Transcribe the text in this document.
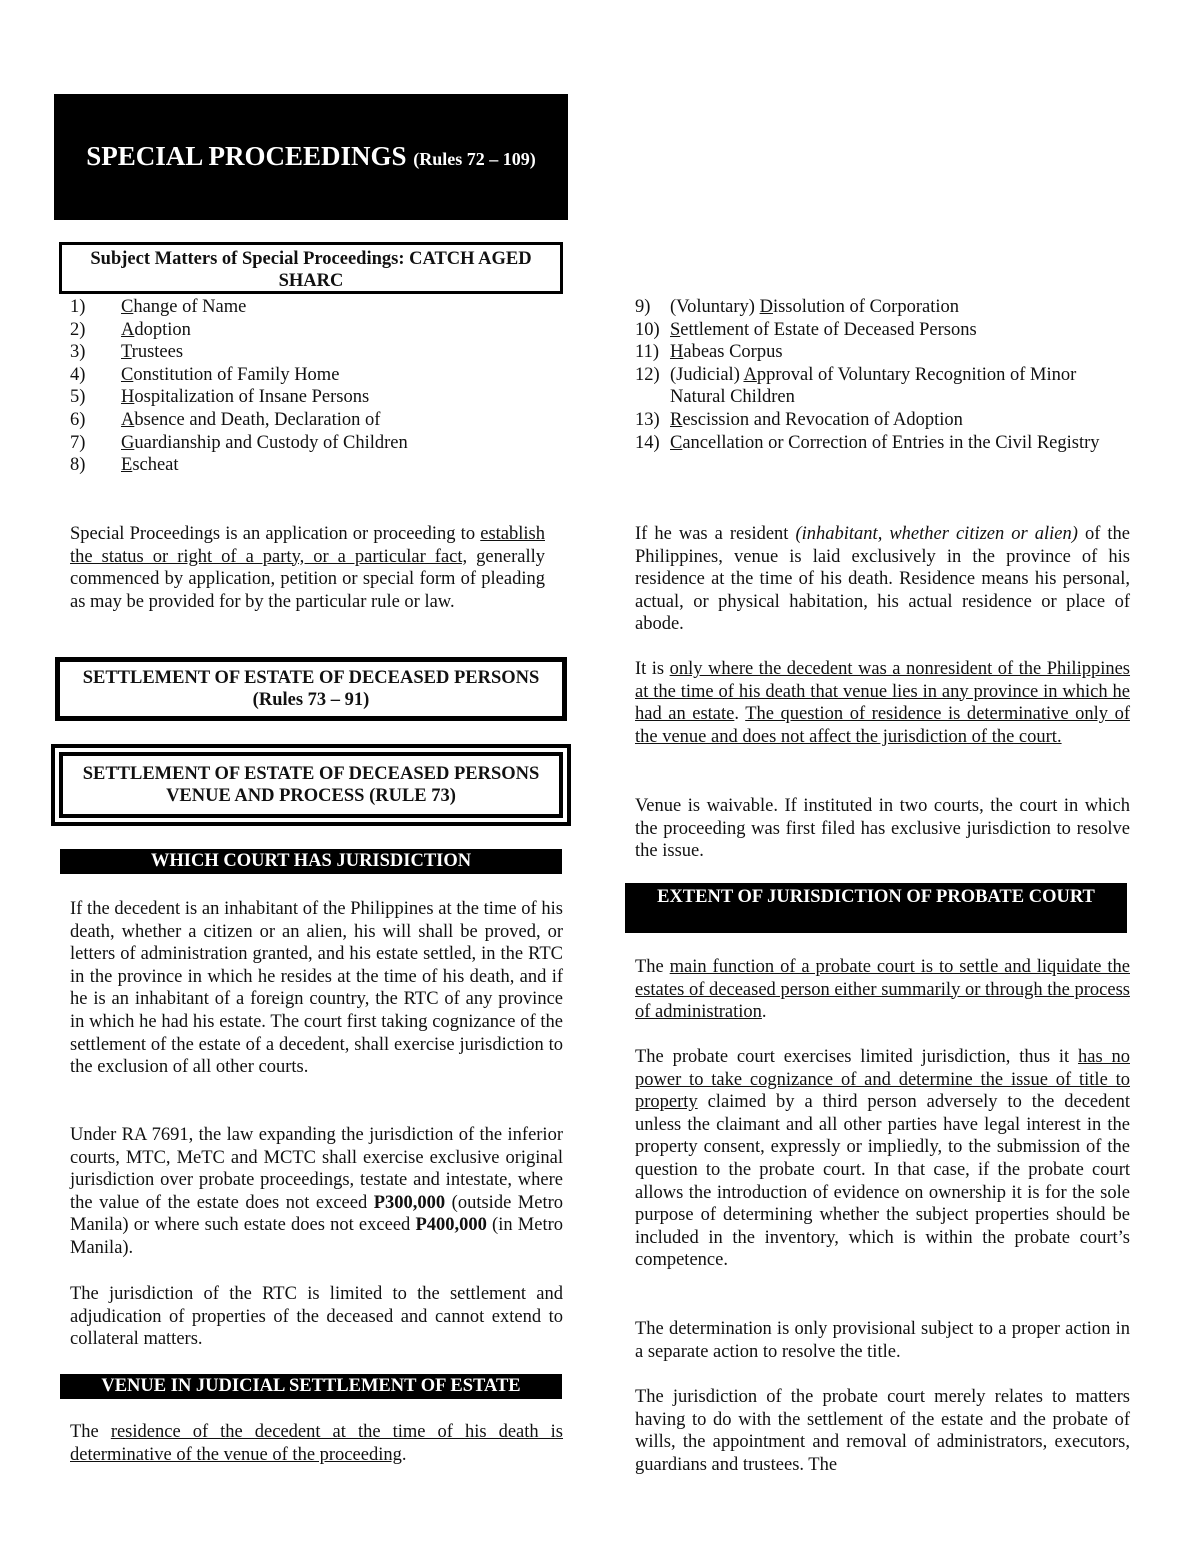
SPECIAL PROCEEDINGS (Rules 72 – 109)
Subject Matters of Special Proceedings: CATCH AGED SHARC
1) Change of Name
2) Adoption
3) Trustees
4) Constitution of Family Home
5) Hospitalization of Insane Persons
6) Absence and Death, Declaration of
7) Guardianship and Custody of Children
8) Escheat
9) (Voluntary) Dissolution of Corporation
10) Settlement of Estate of Deceased Persons
11) Habeas Corpus
12) (Judicial) Approval of Voluntary Recognition of Minor Natural Children
13) Rescission and Revocation of Adoption
14) Cancellation or Correction of Entries in the Civil Registry

Special Proceedings is an application or proceeding to establish the status or right of a party, or a particular fact, generally commenced by application, petition or special form of pleading as may be provided for by the particular rule or law.

SETTLEMENT OF ESTATE OF DECEASED PERSONS (Rules 73 – 91)
SETTLEMENT OF ESTATE OF DECEASED PERSONS VENUE AND PROCESS (RULE 73)
WHICH COURT HAS JURISDICTION

If the decedent is an inhabitant of the Philippines at the time of his death, whether a citizen or an alien, his will shall be proved, or letters of administration granted, and his estate settled, in the RTC in the province in which he resides at the time of his death, and if he is an inhabitant of a foreign country, the RTC of any province in which he had his estate. The court first taking cognizance of the settlement of the estate of a decedent, shall exercise jurisdiction to the exclusion of all other courts.

Under RA 7691, the law expanding the jurisdiction of the inferior courts, MTC, MeTC and MCTC shall exercise exclusive original jurisdiction over probate proceedings, testate and intestate, where the value of the estate does not exceed P300,000 (outside Metro Manila) or where such estate does not exceed P400,000 (in Metro Manila).

The jurisdiction of the RTC is limited to the settlement and adjudication of properties of the deceased and cannot extend to collateral matters.

VENUE IN JUDICIAL SETTLEMENT OF ESTATE

The residence of the decedent at the time of his death is determinative of the venue of the proceeding.

If he was a resident (inhabitant, whether citizen or alien) of the Philippines, venue is laid exclusively in the province of his residence at the time of his death. Residence means his personal, actual, or physical habitation, his actual residence or place of abode.

It is only where the decedent was a nonresident of the Philippines at the time of his death that venue lies in any province in which he had an estate. The question of residence is determinative only of the venue and does not affect the jurisdiction of the court.

Venue is waivable. If instituted in two courts, the court in which the proceeding was first filed has exclusive jurisdiction to resolve the issue.

EXTENT OF JURISDICTION OF PROBATE COURT

The main function of a probate court is to settle and liquidate the estates of deceased person either summarily or through the process of administration.

The probate court exercises limited jurisdiction, thus it has no power to take cognizance of and determine the issue of title to property claimed by a third person adversely to the decedent unless the claimant and all other parties have legal interest in the property consent, expressly or impliedly, to the submission of the question to the probate court. In that case, if the probate court allows the introduction of evidence on ownership it is for the sole purpose of determining whether the subject properties should be included in the inventory, which is within the probate court’s competence.

The determination is only provisional subject to a proper action in a separate action to resolve the title.

The jurisdiction of the probate court merely relates to matters having to do with the settlement of the estate and the probate of wills, the appointment and removal of administrators, executors, guardians and trustees. The
